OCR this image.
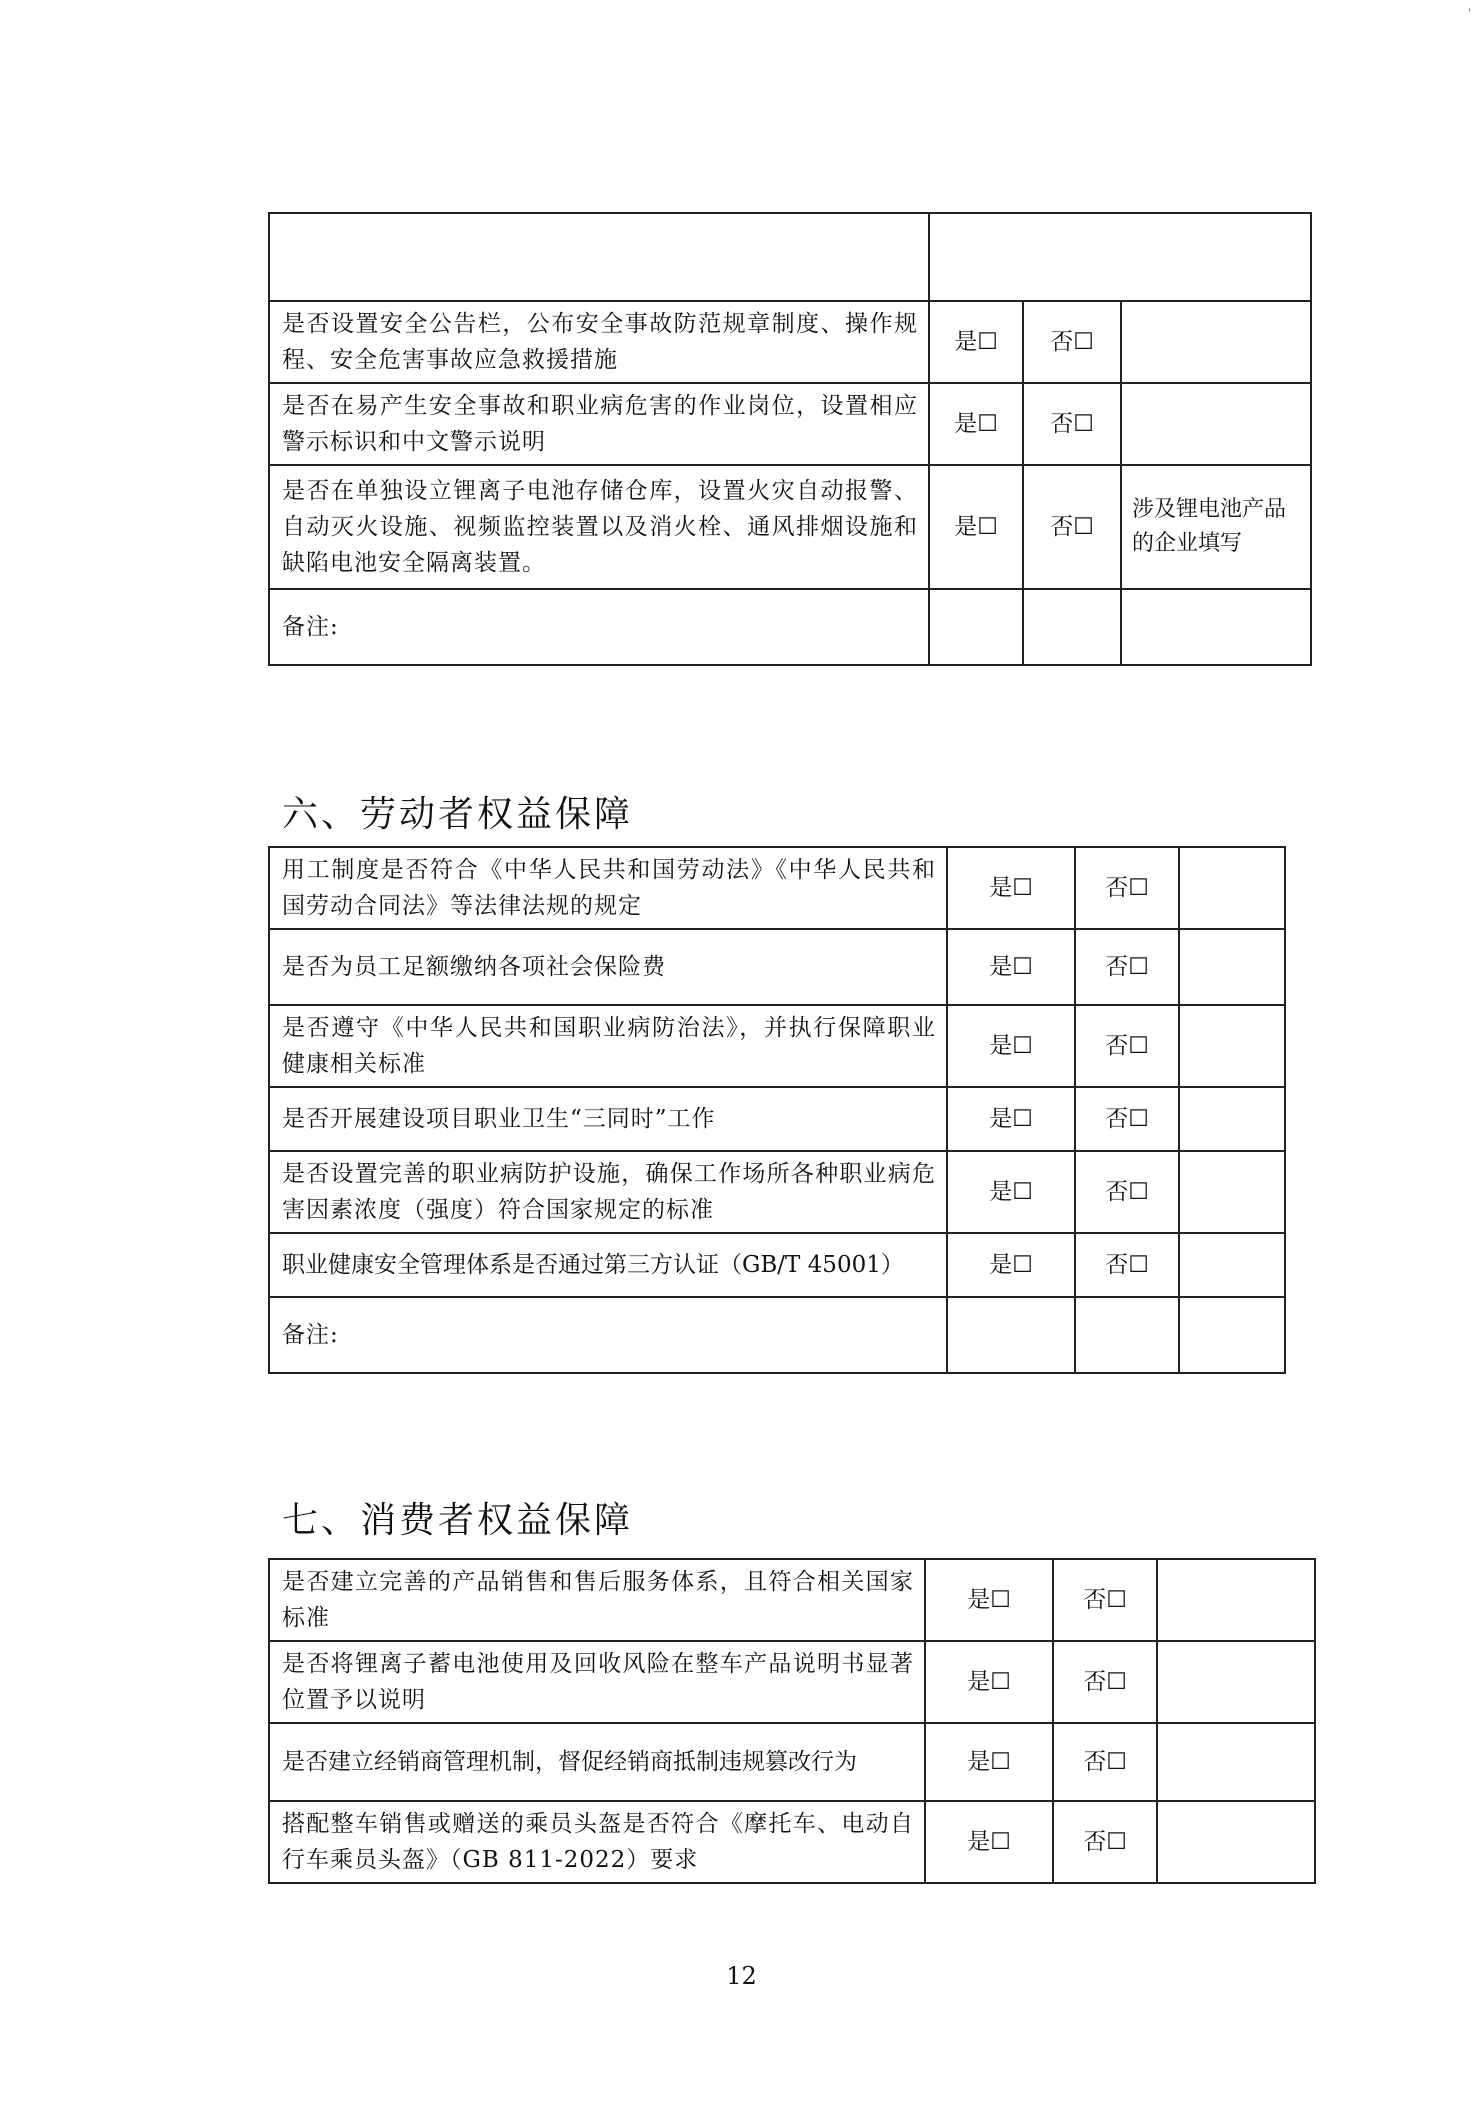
'

是否设置安全公告栏，公布安全事故防范规章制度、操作规程、安全危害事故应急救援措施	是☐	否☐	
是否在易产生安全事故和职业病危害的作业岗位，设置相应警示标识和中文警示说明	是☐	否☐	
是否在单独设立锂离子电池存储仓库，设置火灾自动报警、自动灭火设施、视频监控装置以及消火栓、通风排烟设施和缺陷电池安全隔离装置。	是☐	否☐	涉及锂电池产品的企业填写
备注:			
六、劳动者权益保障
用工制度是否符合《中华人民共和国劳动法》《中华人民共和国劳动合同法》等法律法规的规定	是☐	否☐	
是否为员工足额缴纳各项社会保险费	是☐	否☐	
是否遵守《中华人民共和国职业病防治法》，并执行保障职业健康相关标准	是☐	否☐	
是否开展建设项目职业卫生“三同时”工作	是☐	否☐	
是否设置完善的职业病防护设施，确保工作场所各种职业病危害因素浓度（强度）符合国家规定的标准	是☐	否☐	
职业健康安全管理体系是否通过第三方认证（GB/T 45001）	是☐	否☐	
备注:			
七、消费者权益保障
是否建立完善的产品销售和售后服务体系，且符合相关国家标准	是☐	否☐	
是否将锂离子蓄电池使用及回收风险在整车产品说明书显著位置予以说明	是☐	否☐	
是否建立经销商管理机制，督促经销商抵制违规篡改行为	是☐	否☐	
搭配整车销售或赠送的乘员头盔是否符合《摩托车、电动自行车乘员头盔》（GB 811-2022）要求	是☐	否☐	
12
